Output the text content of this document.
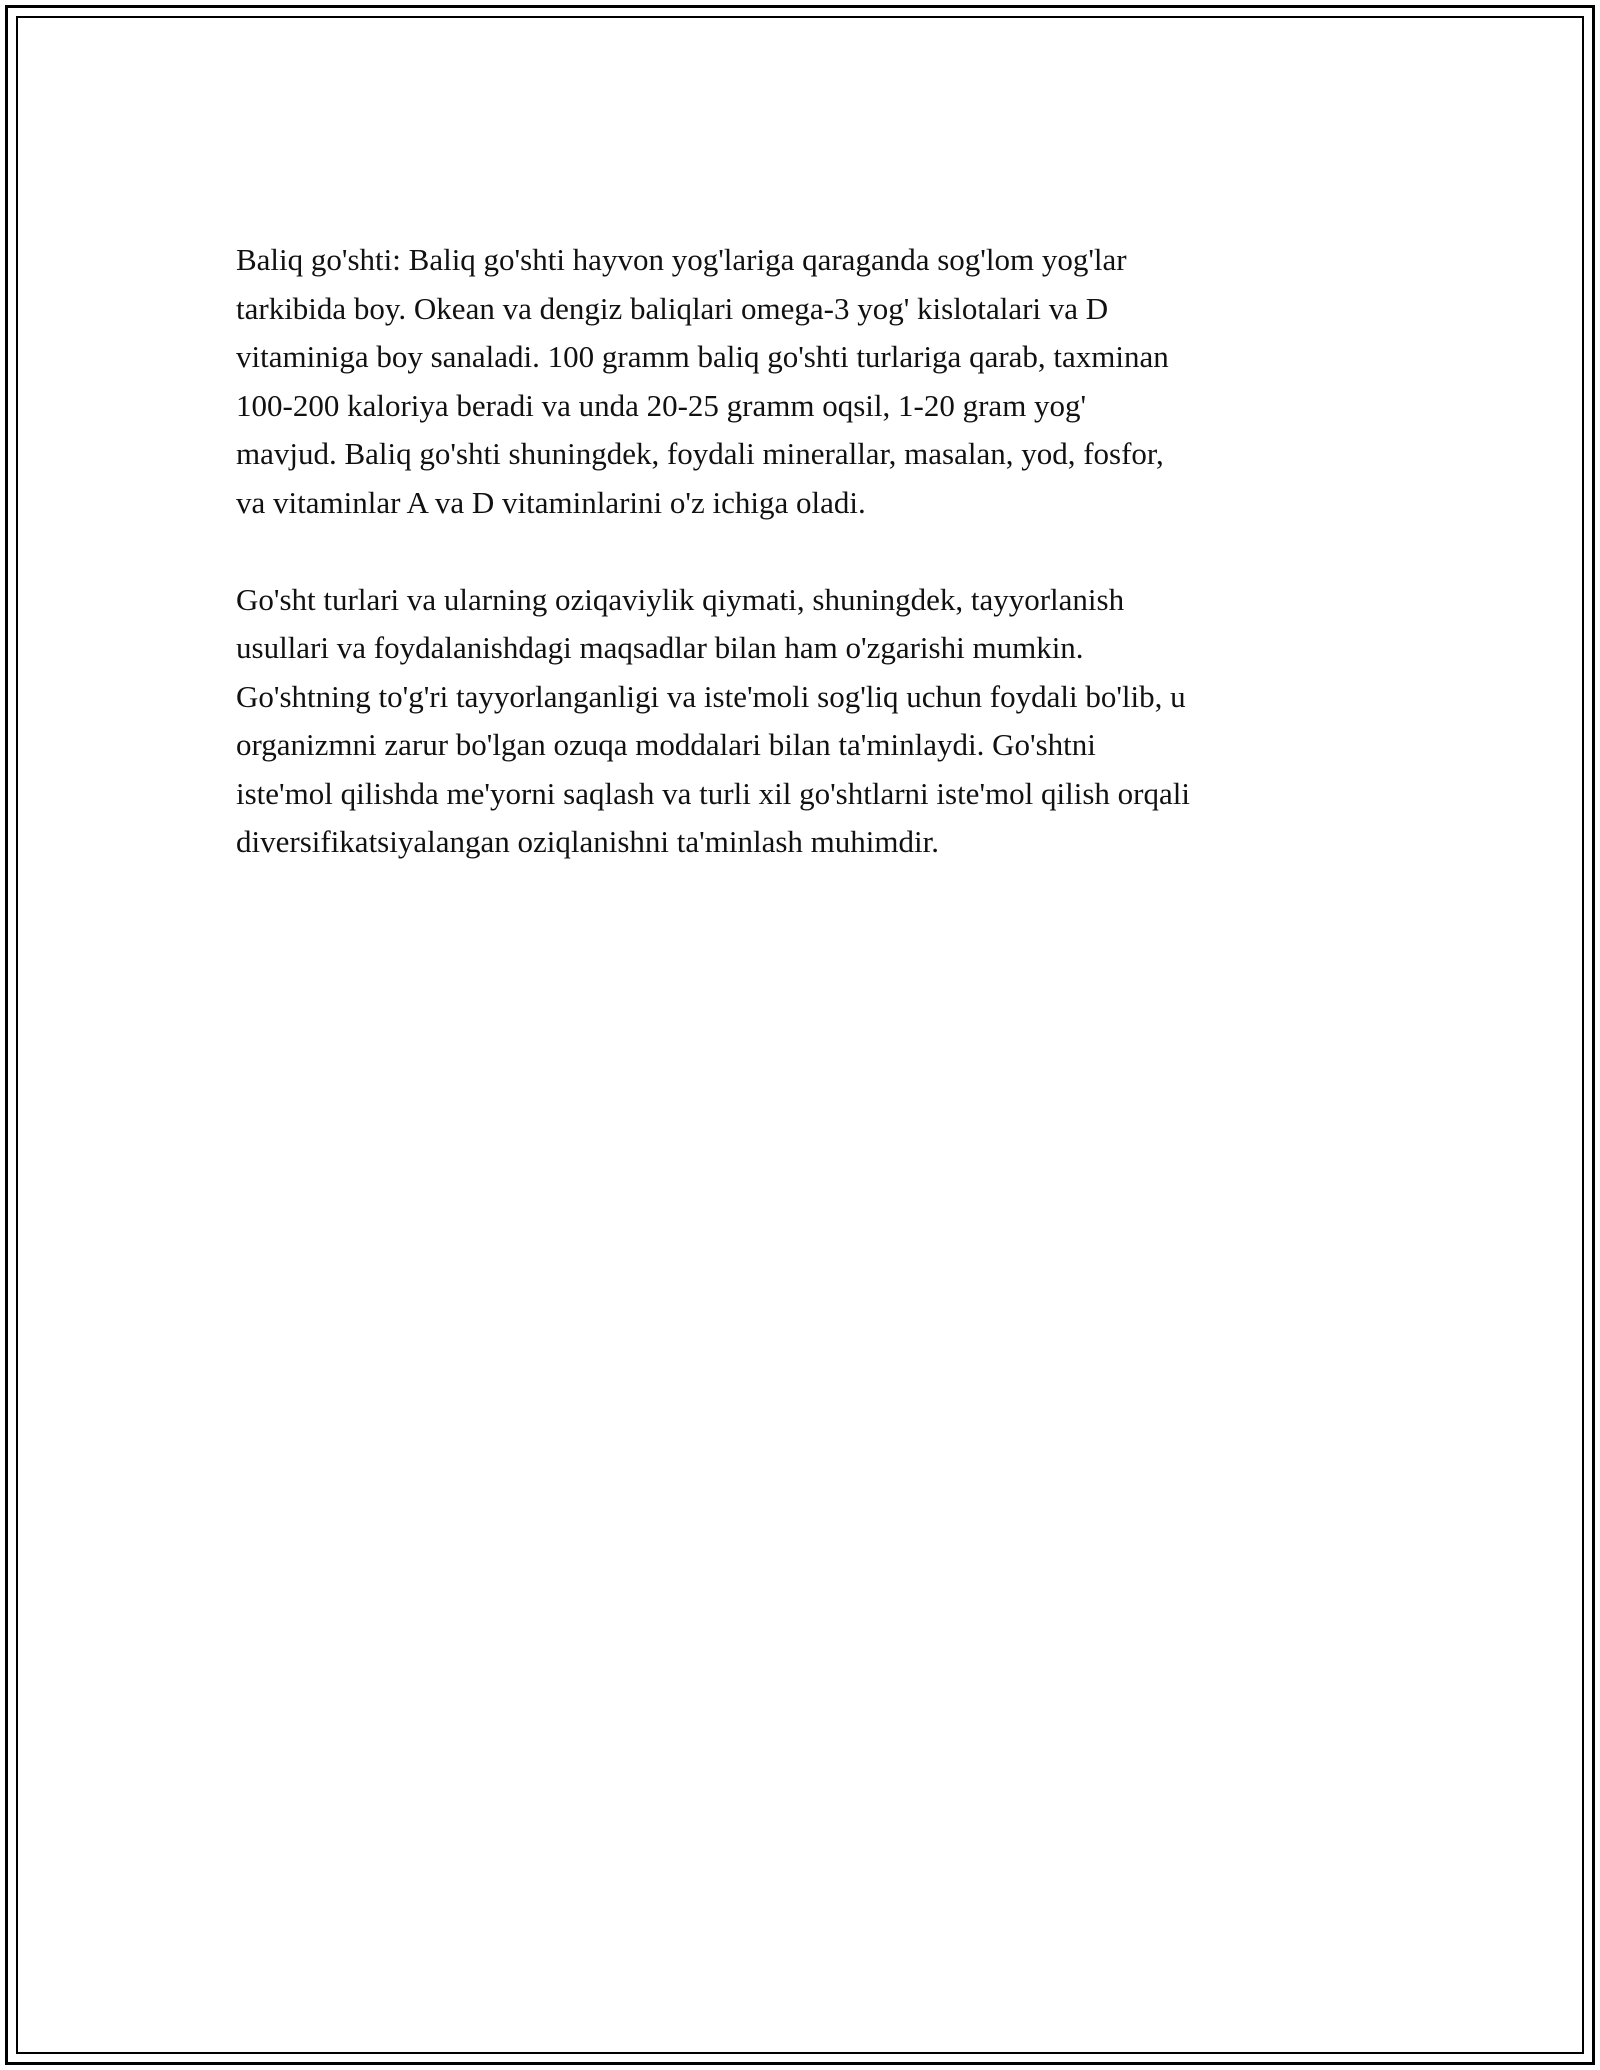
Baliq go'shti: Baliq go'shti hayvon yog'lariga qaraganda sog'lom yog'lar
tarkibida boy. Okean va dengiz baliqlari omega-3 yog' kislotalari va D
vitaminiga boy sanaladi. 100 gramm baliq go'shti turlariga qarab, taxminan
100-200 kaloriya beradi va unda 20-25 gramm oqsil, 1-20 gram yog'
mavjud. Baliq go'shti shuningdek, foydali minerallar, masalan, yod, fosfor,
va vitaminlar A va D vitaminlarini o'z ichiga oladi.

Go'sht turlari va ularning oziqaviylik qiymati, shuningdek, tayyorlanish
usullari va foydalanishdagi maqsadlar bilan ham o'zgarishi mumkin.
Go'shtning to'g'ri tayyorlanganligi va iste'moli sog'liq uchun foydali bo'lib, u
organizmni zarur bo'lgan ozuqa moddalari bilan ta'minlaydi. Go'shtni
iste'mol qilishda me'yorni saqlash va turli xil go'shtlarni iste'mol qilish orqali
diversifikatsiyalangan oziqlanishni ta'minlash muhimdir.
